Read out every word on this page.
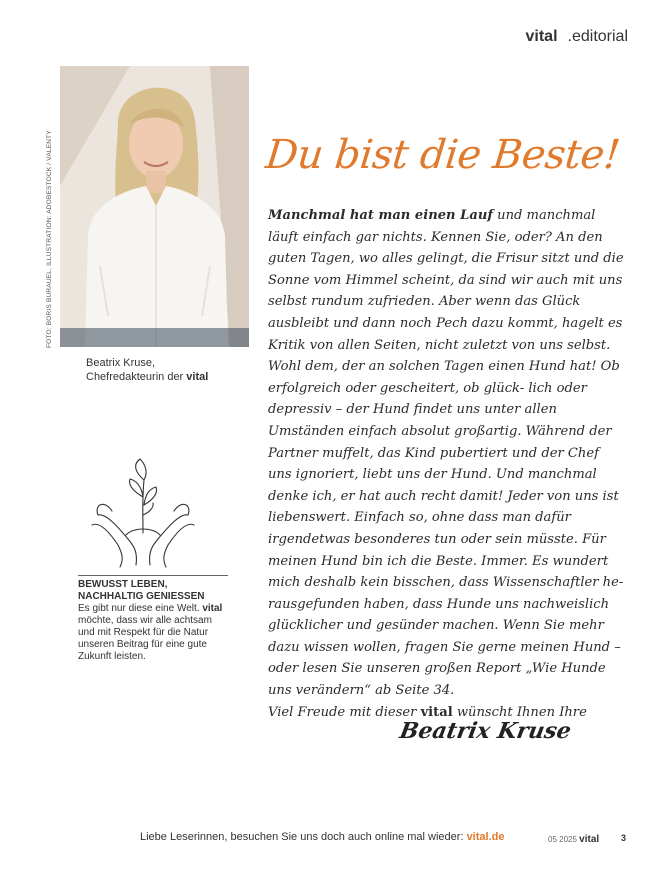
vital .editorial
FOTO: BORIS BURAUEL, ILLUSTRATION: ADOBESTOCK / VALENTY
Beatrix Kruse,
Chefredakteurin der vital
BEWUSST LEBEN,
NACHHALTIG GENIESSEN
Es gibt nur diese eine Welt. vital möchte, dass wir alle achtsam und mit Respekt für die Natur unseren Beitrag für eine gute Zukunft leisten.
Du bist die Beste!
Manchmal hat man einen Lauf und manchmal läuft einfach gar nichts. Kennen Sie, oder? An den guten Tagen, wo alles gelingt, die Frisur sitzt und die Sonne vom Himmel scheint, da sind wir auch mit uns selbst rundum zufrieden. Aber wenn das Glück ausbleibt und dann noch Pech dazu kommt, hagelt es Kritik von allen Seiten, nicht zuletzt von uns selbst. Wohl dem, der an solchen Tagen einen Hund hat! Ob erfolgreich oder gescheitert, ob glück- lich oder depressiv – der Hund findet uns unter allen Umständen einfach absolut großartig. Während der Partner muffelt, das Kind pubertiert und der Chef uns ignoriert, liebt uns der Hund. Und manchmal denke ich, er hat auch recht damit! Jeder von uns ist liebenswert. Einfach so, ohne dass man dafür irgendetwas besonderes tun oder sein müsste. Für meinen Hund bin ich die Beste. Immer. Es wundert mich deshalb kein bisschen, dass Wissenschaftler he- rausgefunden haben, dass Hunde uns nachweislich glücklicher und gesünder machen. Wenn Sie mehr dazu wissen wollen, fragen Sie gerne meinen Hund – oder lesen Sie unseren großen Report „Wie Hunde uns verändern“ ab Seite 34.
Viel Freude mit dieser vital wünscht Ihnen Ihre
Beatrix Kruse
Liebe Leserinnen, besuchen Sie uns doch auch online mal wieder: vital.de	05 2025 vital 3
